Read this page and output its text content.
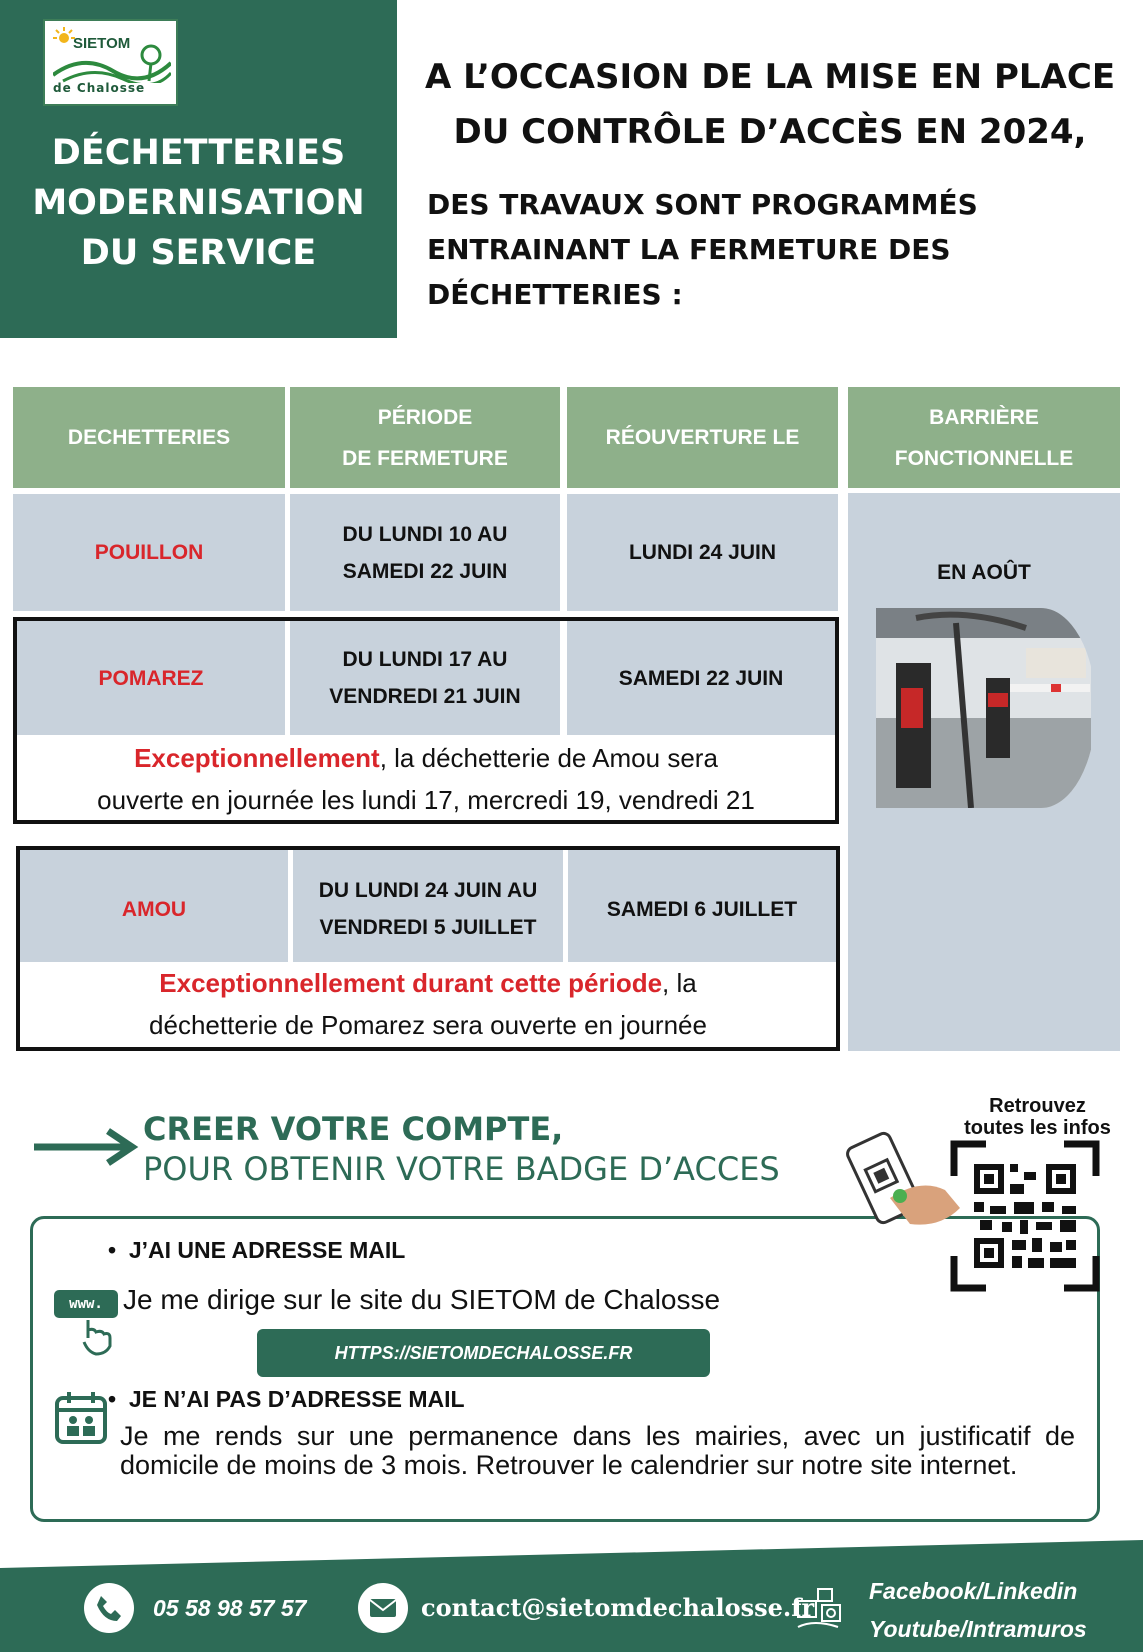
SIETOM
de Chalosse
DÉCHETTERIES
MODERNISATION
DU SERVICE
A L’OCCASION DE LA MISE EN PLACE
DU CONTRÔLE D’ACCÈS EN 2024,
DES TRAVAUX SONT PROGRAMMÉS
ENTRAINANT LA FERMETURE DES
DÉCHETTERIES :
DECHETTERIES
PÉRIODE
DE FERMETURE
RÉOUVERTURE LE
BARRIÈRE
FONCTIONNELLE
POUILLON
DU LUNDI 10 AU
SAMEDI 22 JUIN
LUNDI 24 JUIN
EN AOÛT
POMAREZ
DU LUNDI 17 AU
VENDREDI 21 JUIN
SAMEDI 22 JUIN
Exceptionnellement, la déchetterie de Amou sera
ouverte en journée les lundi 17, mercredi 19, vendredi 21
AMOU
DU LUNDI 24 JUIN AU
VENDREDI 5 JUILLET
SAMEDI 6 JUILLET
Exceptionnellement durant cette période, la
déchetterie de Pomarez sera ouverte en journée
CREER VOTRE COMPTE,
POUR OBTENIR VOTRE BADGE D’ACCES
•  J’AI UNE ADRESSE MAIL
www. Je me dirige sur le site du SIETOM de Chalosse
HTTPS://SIETOMDECHALOSSE.FR
•  JE N’AI PAS D’ADRESSE MAIL
Je me rends sur une permanence dans les mairies, avec un justificatif de domicile de moins de 3 mois. Retrouver le calendrier sur notre site internet.
Retrouvez
toutes les infos
05 58 98 57 57	contact@sietomdechalosse.fr
Facebook/Linkedin
Youtube/Intramuros
